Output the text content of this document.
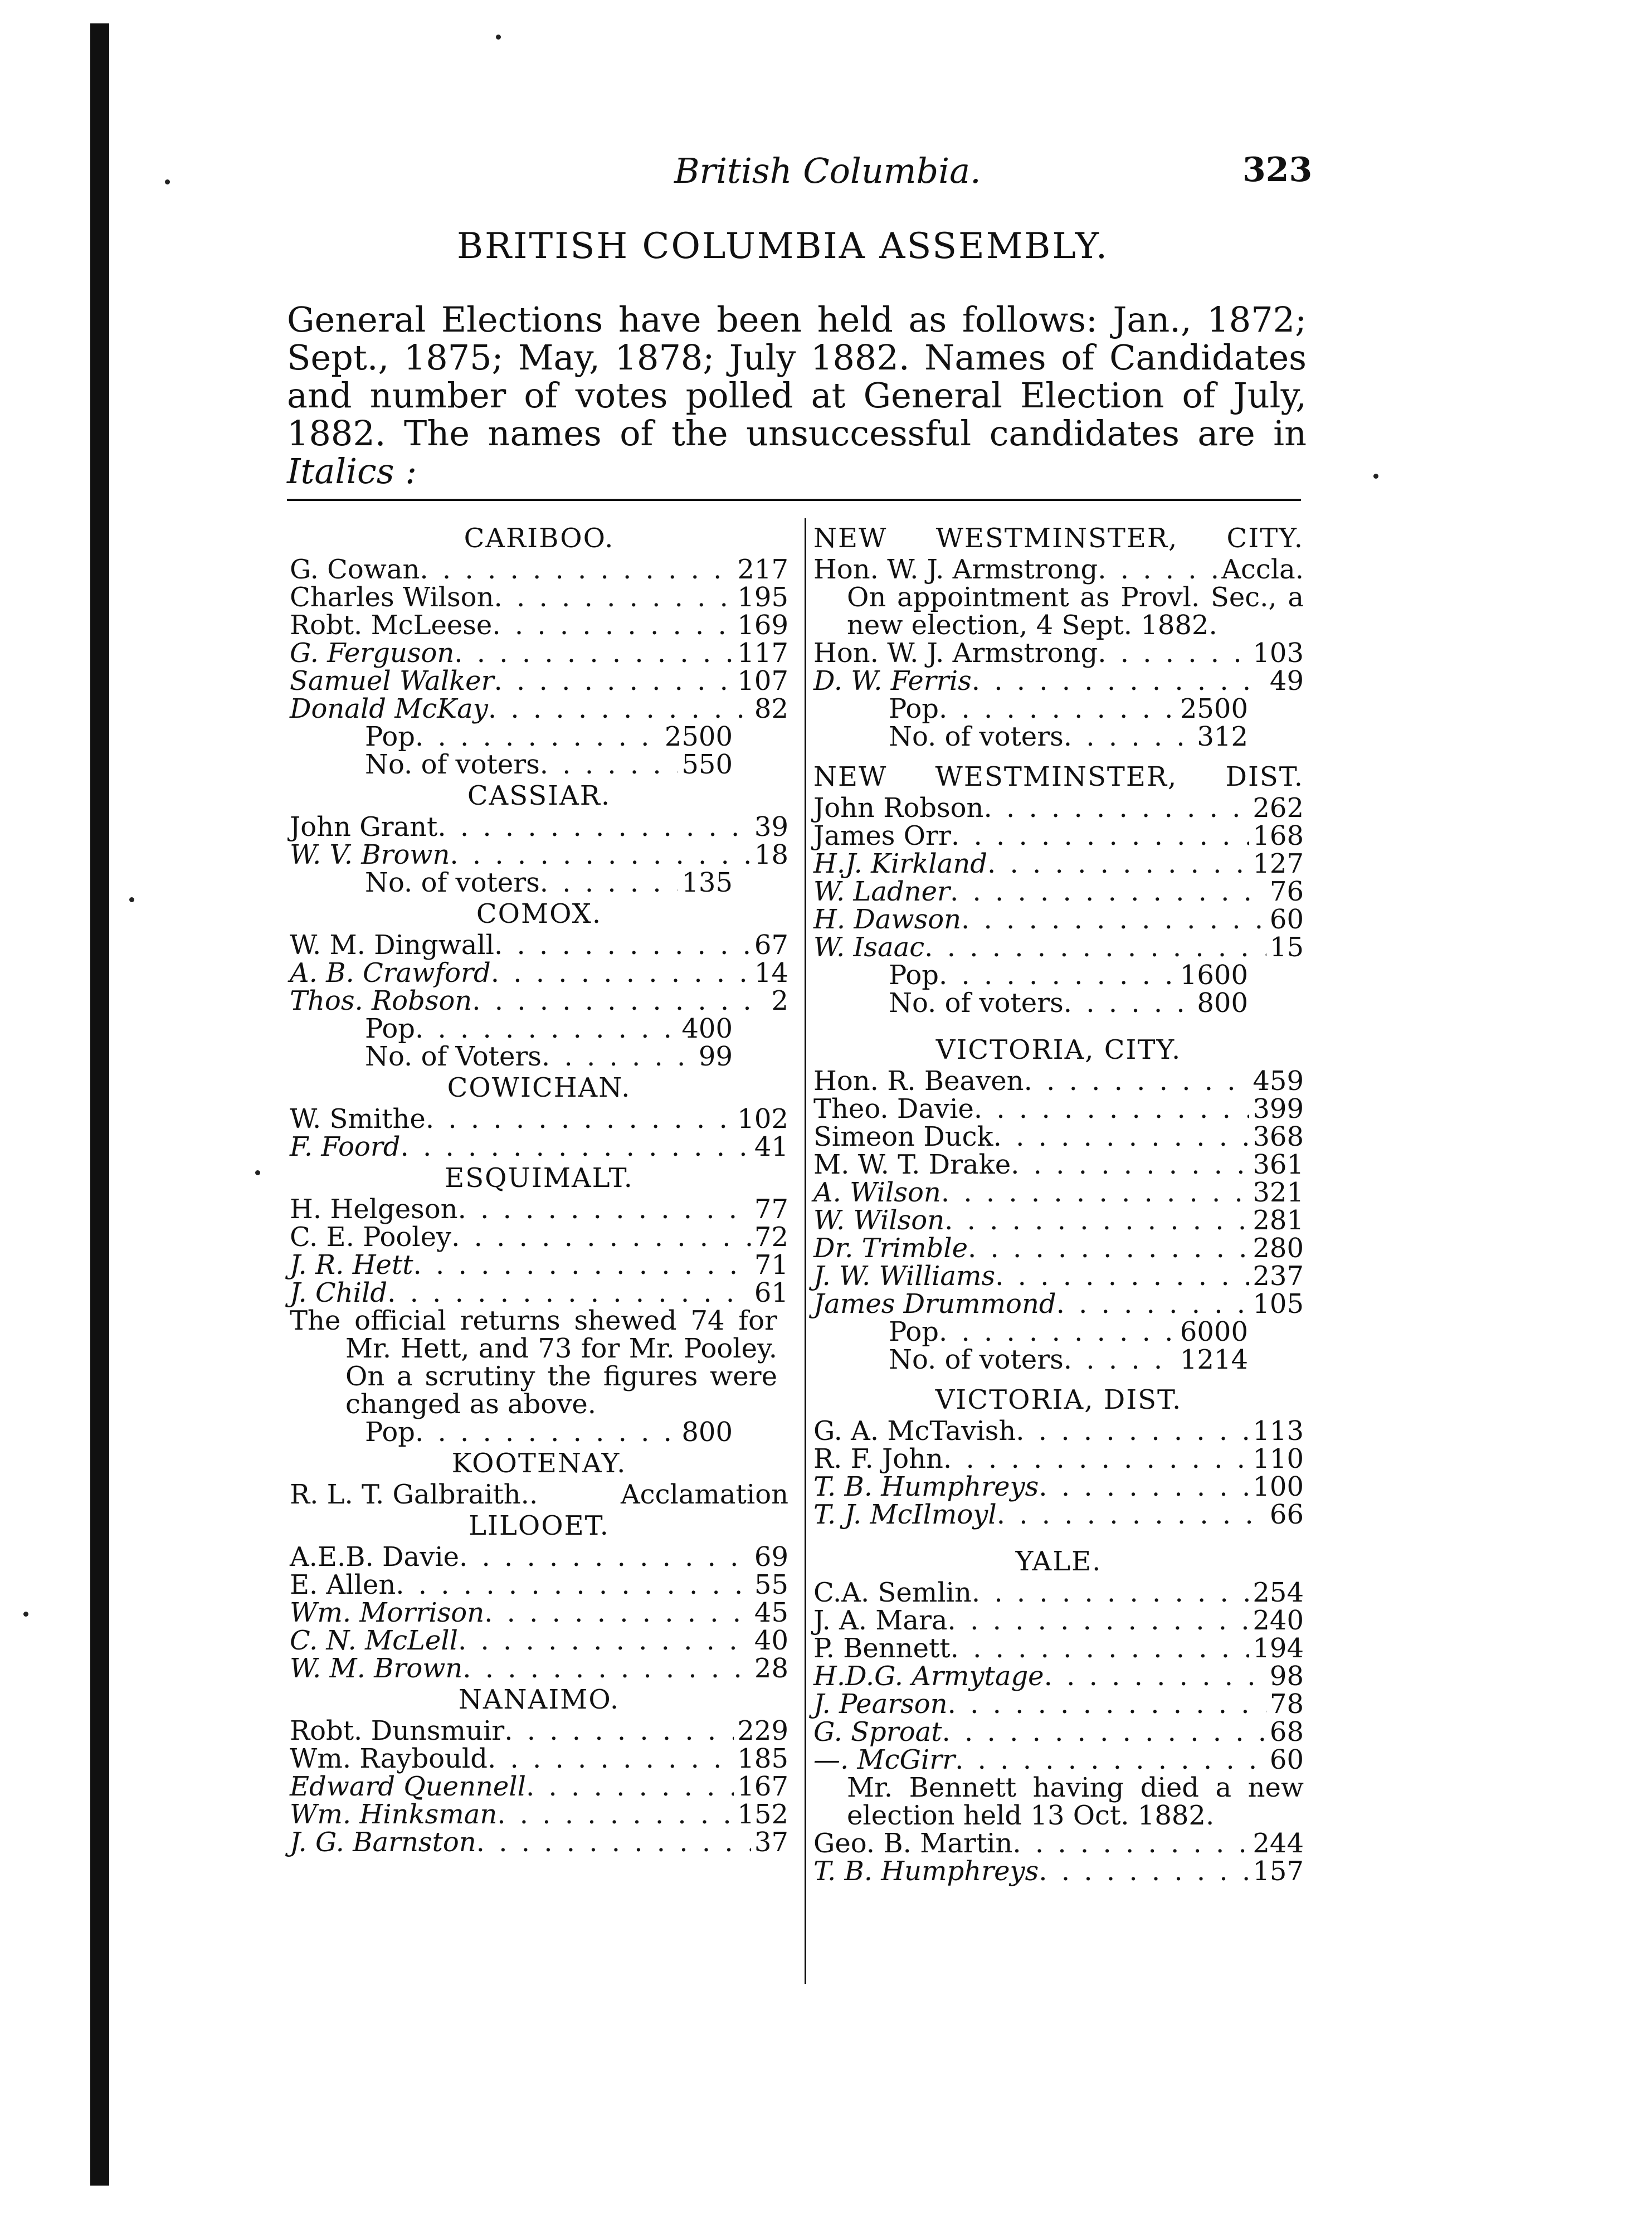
British Columbia.	323
BRITISH COLUMBIA ASSEMBLY.
General Elections have been held as follows: Jan., 1872; Sept., 1875; May, 1878; July 1882. Names of Candidates and number of votes polled at General Election of July, 1882. The names of the unsuccessful candidates are in Italics :
CARIBOO.
G. Cowan . . .	217
Charles Wilson . . .	195
Robt. McLeese . . .	169
G. Ferguson . . .	117
Samuel Walker . . .	107
Donald McKay . . .	82
Pop . . .	2500
No. of voters . . .	550
CASSIAR.
John Grant . . .	39
W. V. Brown . . .	18
No. of voters . . .	135
COMOX.
W. M. Dingwall . . .	67
A. B. Crawford . . .	14
Thos. Robson . . .	2
Pop . . .	400
No. of Voters . . .	99
COWICHAN.
W. Smithe . . .	102
F. Foord . . .	41
ESQUIMALT.
H. Helgeson . . .	77
C. E. Pooley . . .	72
J. R. Hett . . .	71
J. Child . . .	61
The official returns shewed 74 for Mr. Hett, and 73 for Mr. Pooley. On a scrutiny the figures were changed as above.
Pop . . .	800
KOOTENAY.
R. L. T. Galbraith..	Acclamation
LILOOET.
A.E.B. Davie . . .	69
E. Allen . . .	55
Wm. Morrison . . .	45
C. N. McLell . . .	40
W. M. Brown . . .	28
NANAIMO.
Robt. Dunsmuir . . .	229
Wm. Raybould . . .	185
Edward Quennell . . .	167
Wm. Hinksman . . .	152
J. G. Barnston . . .	37
NEW WESTMINSTER, CITY.
Hon. W. J. Armstrong . . .	Accla.
On appointment as Provl. Sec., a new election, 4 Sept. 1882.
Hon. W. J. Armstrong . . .	103
D. W. Ferris . . .	49
Pop . . .	2500
No. of voters . . .	312
NEW WESTMINSTER, DIST.
John Robson . . .	262
James Orr . . .	168
H.J. Kirkland . . .	127
W. Ladner . . .	76
H. Dawson . . .	60
W. Isaac . . .	15
Pop . . .	1600
No. of voters . . .	800
VICTORIA, CITY.
Hon. R. Beaven . . .	459
Theo. Davie . . .	399
Simeon Duck . . .	368
M. W. T. Drake . . .	361
A. Wilson . . .	321
W. Wilson . . .	281
Dr. Trimble . . .	280
J. W. Williams . . .	237
James Drummond . . .	105
Pop . . .	6000
No. of voters . . .	1214
VICTORIA, DIST.
G. A. McTavish . . .	113
R. F. John . . .	110
T. B. Humphreys . . .	100
T. J. McIlmoyl . . .	66
YALE.
C.A. Semlin . . .	254
J. A. Mara . . .	240
P. Bennett . . .	194
H.D.G. Armytage . . .	98
J. Pearson . . .	78
G. Sproat . . .	68
—. McGirr . . .	60
Mr. Bennett having died a new election held 13 Oct. 1882.
Geo. B. Martin . . .	244
T. B. Humphreys . . .	157
